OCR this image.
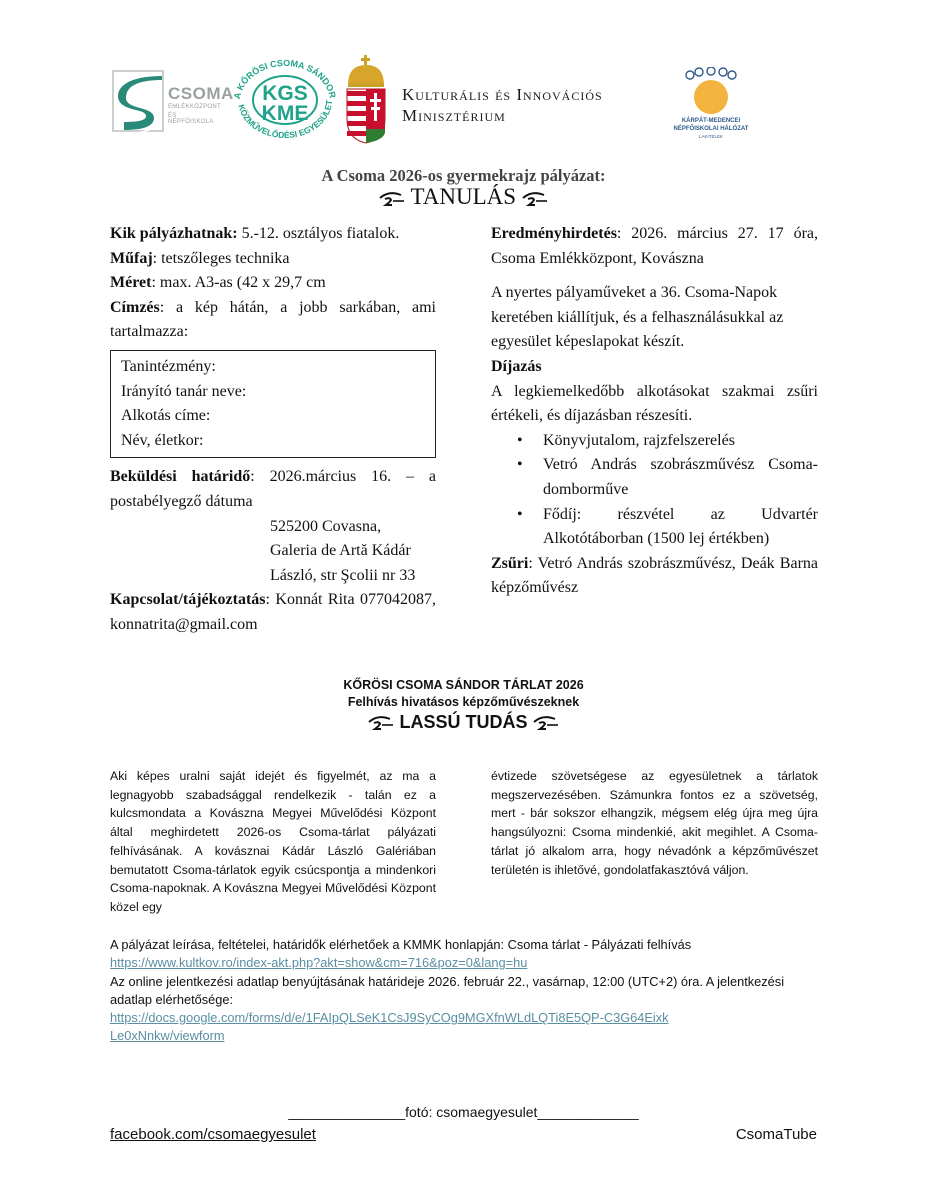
CSOMA
EMLÉKKÖZPONT
ÉS NÉPFŐISKOLA
A KŐRÖSI CSOMA SÁNDOR
KÖZMŰVELŐDÉSI EGYESÜLET
KGS
KME
Kulturális és Innovációs
Minisztérium	KÁRPÁT-MEDENCEI
NÉPFŐISKOLAI HÁLÓZAT
LAKITELEK
A Csoma 2026-os gyermekrajz pályázat:
TANULÁS

Kik pályázhatnak: 5.-12. osztályos fiatalok.

Műfaj: tetszőleges technika

Méret: max. A3-as (42 x 29,7 cm

Címzés: a kép hátán, a jobb sarkában, ami tartalmazza:

Tanintézmény:
Irányító tanár neve:
Alkotás címe:
Név, életkor:

Beküldési határidő: 2026.március 16. – a postabélyegző dátuma

525200 Covasna,
Galeria de Artă Kádár
László, str Şcolii nr 33

Kapcsolat/tájékoztatás: Konnát Rita 077042087, konnatrita@gmail.com

Eredményhirdetés: 2026. március 27. 17 óra, Csoma Emlékközpont, Kovászna

A nyertes pályaműveket a 36. Csoma-Napok keretében kiállítjuk, és a felhasználásukkal az egyesület képeslapokat készít.

Díjazás

A legkiemelkedőbb alkotásokat szakmai zsűri értékeli, és díjazásban részesíti.

• Könyvjutalom, rajzfelszerelés
• Vetró András szobrászművész Csoma-domborműve
• Fődíj: részvétel az Udvartér Alkotótáborban (1500 lej értékben)

Zsűri: Vetró András szobrászművész, Deák Barna képzőművész

KŐRÖSI CSOMA SÁNDOR TÁRLAT 2026
Felhívás hivatásos képzőművészeknek
LASSÚ TUDÁS
Aki képes uralni saját idejét és figyelmét, az ma a legnagyobb szabadsággal rendelkezik - talán ez a kulcsmondata a Kovászna Megyei Művelődési Központ által meghirdetett 2026-os Csoma-tárlat pályázati felhívásának. A kovásznai Kádár László Galériában bemutatott Csoma-tárlatok egyik csúcspontja a mindenkori Csoma-napoknak. A Kovászna Megyei Művelődési Központ közel egy
évtizede szövetségese az egyesületnek a tárlatok megszervezésében. Számunkra fontos ez a szövetség, mert - bár sokszor elhangzik, mégsem elég újra meg újra hangsúlyozni: Csoma mindenkié, akit megihlet. A Csoma-tárlat jó alkalom arra, hogy névadónk a képzőművészet területén is ihletővé, gondolatfakasztóvá váljon.
A pályázat leírása, feltételei, határidők elérhetőek a KMMK honlapján: Csoma tárlat - Pályázati felhívás
https://www.kultkov.ro/index-akt.php?akt=show&cm=716&poz=0&lang=hu
Az online jelentkezési adatlap benyújtásának határideje 2026. február 22., vasárnap, 12:00 (UTC+2) óra. A jelentkezési adatlap elérhetősége:
https://docs.google.com/forms/d/e/1FAIpQLSeK1CsJ9SyCOg9MGXfnWLdLQTi8E5QP-C3G64EixkLe0xNnkw/viewform
_______________fotó: csomaegyesulet_____________
facebook.com/csomaegyesulet	CsomaTube
